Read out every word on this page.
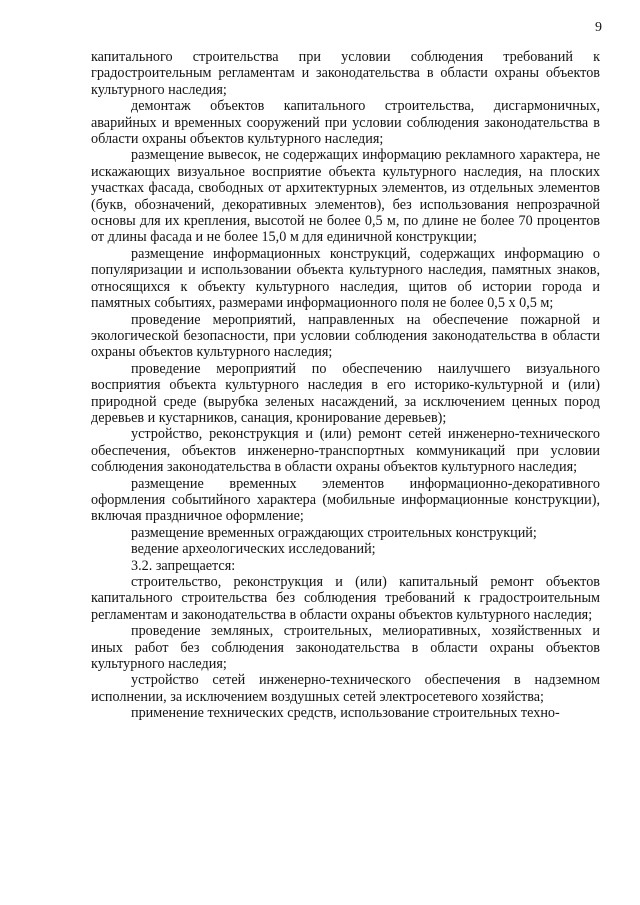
9

капитального строительства при условии соблюдения требований к градостроительным регламентам и законодательства в области охраны объектов культурного наследия;

демонтаж объектов капитального строительства, дисгармоничных, аварийных и временных сооружений при условии соблюдения законодательства в области охраны объектов культурного наследия;

размещение вывесок, не содержащих информацию рекламного характера, не искажающих визуальное восприятие объекта культурного наследия, на плоских участках фасада, свободных от архитектурных элементов, из отдельных элементов (букв, обозначений, декоративных элементов), без использования непрозрачной основы для их крепления, высотой не более 0,5 м, по длине не более 70 процентов от длины фасада и не более 15,0 м для единичной конструкции;

размещение информационных конструкций, содержащих информацию о популяризации и использовании объекта культурного наследия, памятных знаков, относящихся к объекту культурного наследия, щитов об истории города и памятных событиях, размерами информационного поля не более 0,5 х 0,5 м;

проведение мероприятий, направленных на обеспечение пожарной и экологической безопасности, при условии соблюдения законодательства в области охраны объектов культурного наследия;

проведение мероприятий по обеспечению наилучшего визуального восприятия объекта культурного наследия в его историко-культурной и (или) природной среде (вырубка зеленых насаждений, за исключением ценных пород деревьев и кустарников, санация, кронирование деревьев);

устройство, реконструкция и (или) ремонт сетей инженерно-технического обеспечения, объектов инженерно-транспортных коммуникаций при условии соблюдения законодательства в области охраны объектов культурного наследия;

размещение временных элементов информационно-декоративного оформления событийного характера (мобильные информационные конструкции), включая праздничное оформление;

размещение временных ограждающих строительных конструкций;

ведение археологических исследований;

3.2. запрещается:

строительство, реконструкция и (или) капитальный ремонт объектов капитального строительства без соблюдения требований к градостроительным регламентам и законодательства в области охраны объектов культурного наследия;

проведение земляных, строительных, мелиоративных, хозяйственных и иных работ без соблюдения законодательства в области охраны объектов культурного наследия;

устройство сетей инженерно-технического обеспечения в надземном исполнении, за исключением воздушных сетей электросетевого хозяйства;

применение технических средств, использование строительных техно-
